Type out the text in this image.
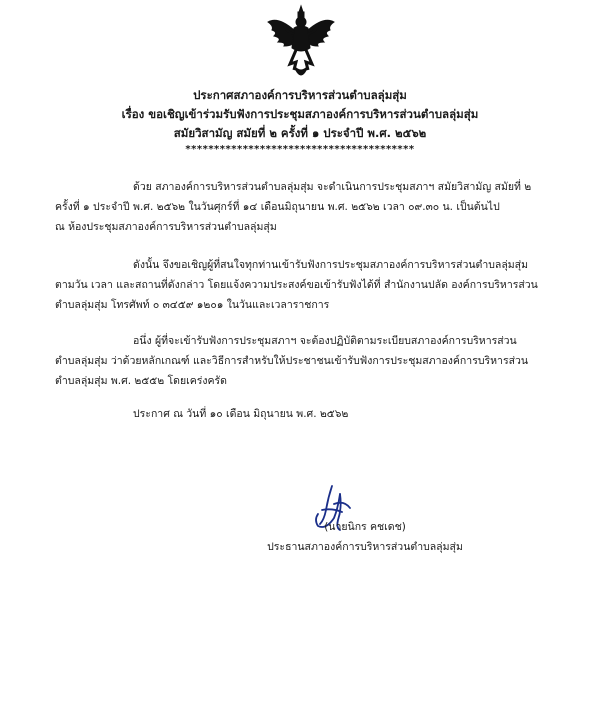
ประกาศสภาองค์การบริหารส่วนตำบลลุ่มสุ่ม
เรื่อง ขอเชิญเข้าร่วมรับฟังการประชุมสภาองค์การบริหารส่วนตำบลลุ่มสุ่ม
สมัยวิสามัญ สมัยที่ ๒ ครั้งที่ ๑ ประจำปี พ.ศ. ๒๕๖๒
****************************************
ด้วย สภาองค์การบริหารส่วนตำบลลุ่มสุ่ม จะดำเนินการประชุมสภาฯ สมัยวิสามัญ สมัยที่ ๒
ครั้งที่ ๑ ประจำปี พ.ศ. ๒๕๖๒ ในวันศุกร์ที่ ๑๔ เดือนมิถุนายน พ.ศ. ๒๕๖๒ เวลา ๐๙.๓๐ น. เป็นต้นไป
ณ ห้องประชุมสภาองค์การบริหารส่วนตำบลลุ่มสุ่ม
ดังนั้น จึงขอเชิญผู้ที่สนใจทุกท่านเข้ารับฟังการประชุมสภาองค์การบริหารส่วนตำบลลุ่มสุ่ม
ตามวัน เวลา และสถานที่ดังกล่าว โดยแจ้งความประสงค์ขอเข้ารับฟังได้ที่ สำนักงานปลัด องค์การบริหารส่วน
ตำบลลุ่มสุ่ม โทรศัพท์ ๐ ๓๔๕๙ ๑๒๐๑ ในวันและเวลาราชการ
อนึ่ง ผู้ที่จะเข้ารับฟังการประชุมสภาฯ จะต้องปฏิบัติตามระเบียบสภาองค์การบริหารส่วน
ตำบลลุ่มสุ่ม ว่าด้วยหลักเกณฑ์ และวิธีการสำหรับให้ประชาชนเข้ารับฟังการประชุมสภาองค์การบริหารส่วน
ตำบลลุ่มสุ่ม พ.ศ. ๒๕๕๒ โดยเคร่งครัด
ประกาศ ณ วันที่ ๑๐ เดือน มิถุนายน พ.ศ. ๒๕๖๒
(นายนิกร คชเดช)
ประธานสภาองค์การบริหารส่วนตำบลลุ่มสุ่ม
